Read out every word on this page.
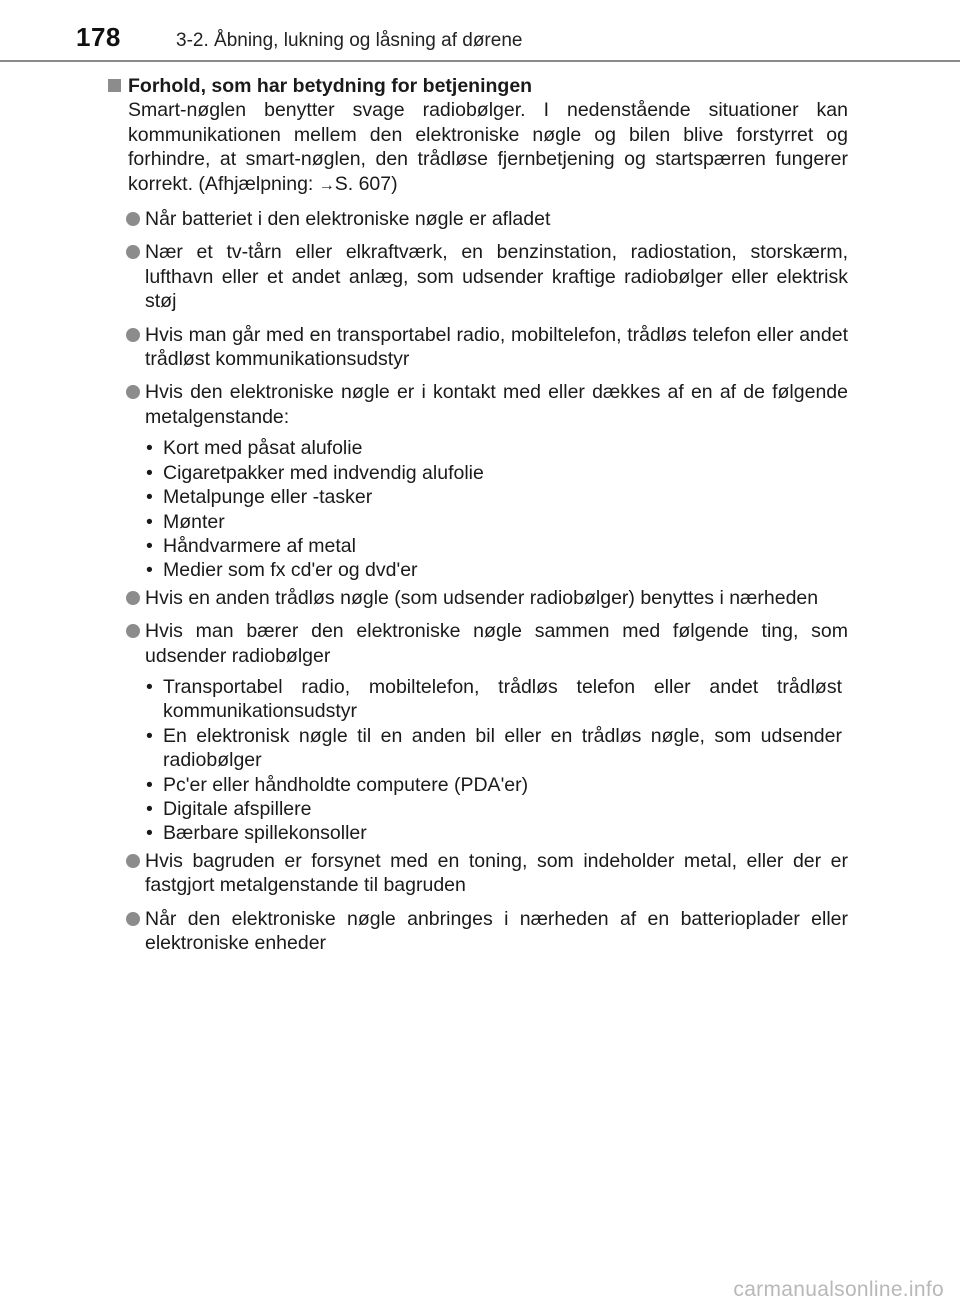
178	3-2. Åbning, lukning og låsning af dørene
Forhold, som har betydning for betjeningen

Smart-nøglen benytter svage radiobølger. I nedenstående situationer kan kommunikationen mellem den elektroniske nøgle og bilen blive forstyrret og forhindre, at smart-nøglen, den trådløse fjernbetjening og startspærren fungerer korrekt. (Afhjælpning: →S. 607)

Når batteriet i den elektroniske nøgle er afladet
Nær et tv-tårn eller elkraftværk, en benzinstation, radiostation, storskærm, lufthavn eller et andet anlæg, som udsender kraftige radiobølger eller elektrisk støj
Hvis man går med en transportabel radio, mobiltelefon, trådløs telefon eller andet trådløst kommunikationsudstyr
Hvis den elektroniske nøgle er i kontakt med eller dækkes af en af de følgende metalgenstande:
• Kort med påsat alufolie
• Cigaretpakker med indvendig alufolie
• Metalpunge eller -tasker
• Mønter
• Håndvarmere af metal
• Medier som fx cd'er og dvd'er
Hvis en anden trådløs nøgle (som udsender radiobølger) benyttes i nærheden
Hvis man bærer den elektroniske nøgle sammen med følgende ting, som udsender radiobølger
• Transportabel radio, mobiltelefon, trådløs telefon eller andet trådløst kommunikationsudstyr
• En elektronisk nøgle til en anden bil eller en trådløs nøgle, som udsender radiobølger
• Pc'er eller håndholdte computere (PDA'er)
• Digitale afspillere
• Bærbare spillekonsoller
Hvis bagruden er forsynet med en toning, som indeholder metal, eller der er fastgjort metalgenstande til bagruden
Når den elektroniske nøgle anbringes i nærheden af en batterioplader eller elektroniske enheder
carmanualsonline.info
